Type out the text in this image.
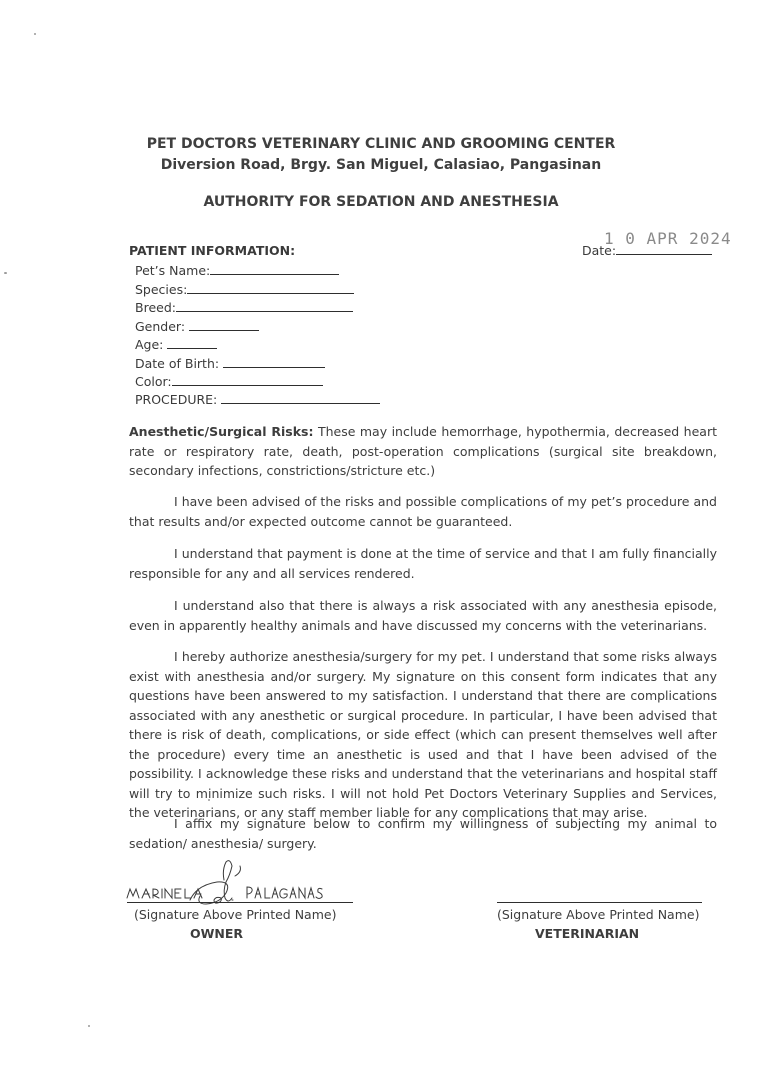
PET DOCTORS VETERINARY CLINIC AND GROOMING CENTER
Diversion Road, Brgy. San Miguel, Calasiao, Pangasinan
AUTHORITY FOR SEDATION AND ANESTHESIA
PATIENT INFORMATION:
Pet’s Name:
Species:
Breed:
Gender:
Age:
Date of Birth:
Color:
PROCEDURE:
Date:
1 0 APR 2024
Anesthetic/Surgical Risks: These may include hemorrhage, hypothermia, decreased heart rate or respiratory rate, death, post-operation complications (surgical site breakdown, secondary infections, constrictions/stricture etc.)
I have been advised of the risks and possible complications of my pet’s procedure and that results and/or expected outcome cannot be guaranteed.
I understand that payment is done at the time of service and that I am fully financially responsible for any and all services rendered.
I understand also that there is always a risk associated with any anesthesia episode, even in apparently healthy animals and have discussed my concerns with the veterinarians.
I hereby authorize anesthesia/surgery for my pet. I understand that some risks always exist with anesthesia and/or surgery. My signature on this consent form indicates that any questions have been answered to my satisfaction. I understand that there are complications associated with any anesthetic or surgical procedure. In particular, I have been advised that there is risk of death, complications, or side effect (which can present themselves well after the procedure) every time an anesthetic is used and that I have been advised of the possibility. I acknowledge these risks and understand that the veterinarians and hospital staff will try to minimize such risks. I will not hold Pet Doctors Veterinary Supplies and Services, the veterinarians, or any staff member liable for any complications that may arise.
I affix my signature below to confirm my willingness of subjecting my animal to sedation/ anesthesia/ surgery.
(Signature Above Printed Name)
OWNER
(Signature Above Printed Name)
VETERINARIAN
